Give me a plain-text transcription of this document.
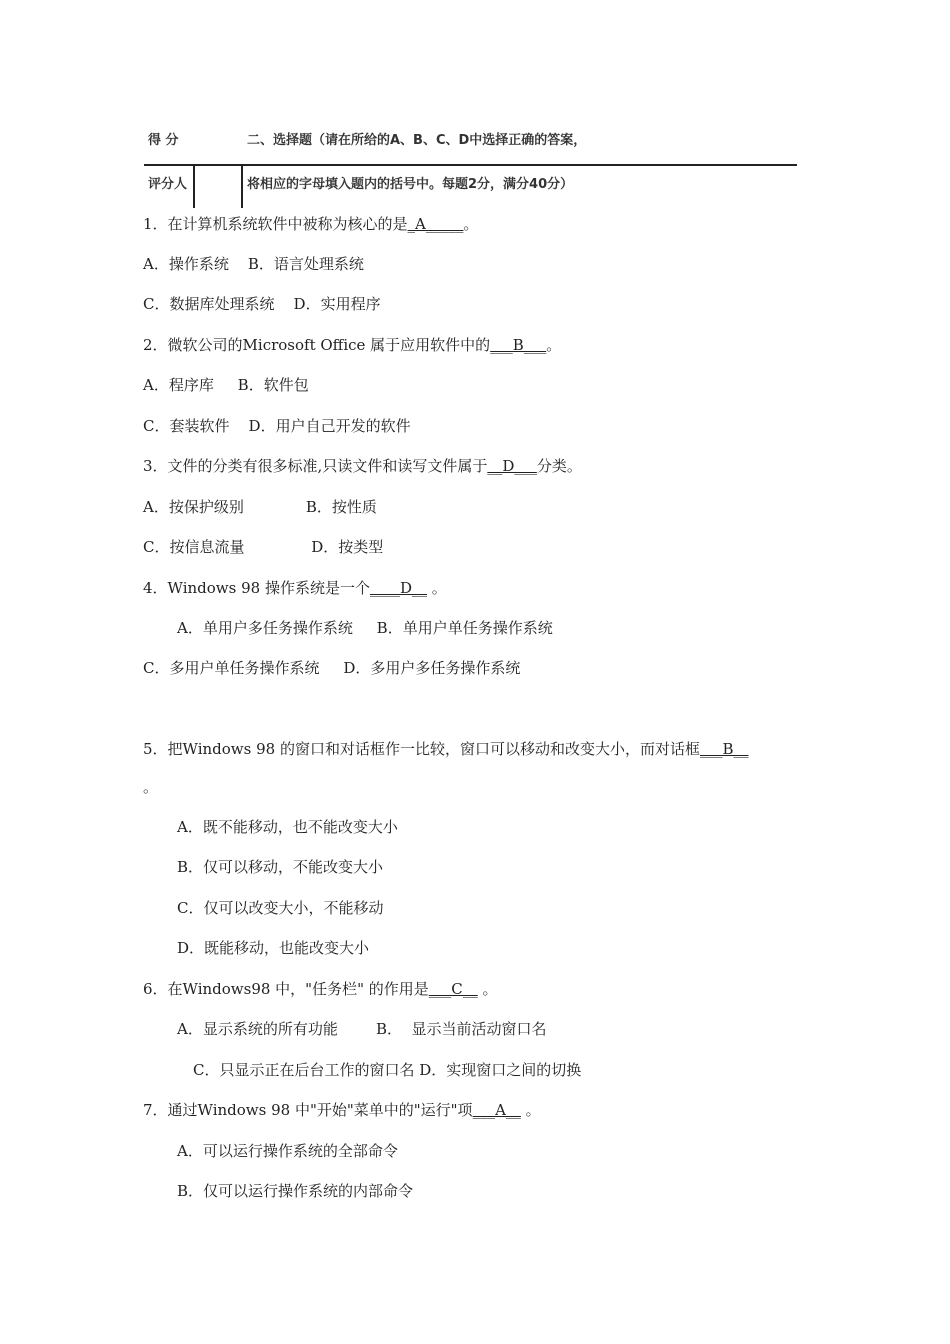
得 分	二、选择题（请在所给的A、B、C、D中选择正确的答案，
评分人	将相应的字母填入题内的括号中。每题2分，满分40分）
1．在计算机系统软件中被称为核心的是_A_____。
A．操作系统    B．语言处理系统
C．数据库处理系统    D．实用程序
2．微软公司的Microsoft Office 属于应用软件中的___B___。
A．程序库     B．软件包
C．套装软件    D．用户自己开发的软件
3．文件的分类有很多标准,只读文件和读写文件属于__D___分类。
A．按保护级别             B．按性质
C．按信息流量              D．按类型
4．Windows 98 操作系统是一个____D__ 。
A．单用户多任务操作系统     B．单用户单任务操作系统
C．多用户单任务操作系统     D．多用户多任务操作系统
5．把Windows 98 的窗口和对话框作一比较，窗口可以移动和改变大小，而对话框___B__
。
A．既不能移动，也不能改变大小
B．仅可以移动，不能改变大小
C．仅可以改变大小，不能移动
D．既能移动，也能改变大小
6．在Windows98 中，"任务栏" 的作用是___C__ 。
A．显示系统的所有功能        B．  显示当前活动窗口名
C．只显示正在后台工作的窗口名 D．实现窗口之间的切换
7．通过Windows 98 中"开始"菜单中的"运行"项___A__ 。
A．可以运行操作系统的全部命令
B．仅可以运行操作系统的内部命令
